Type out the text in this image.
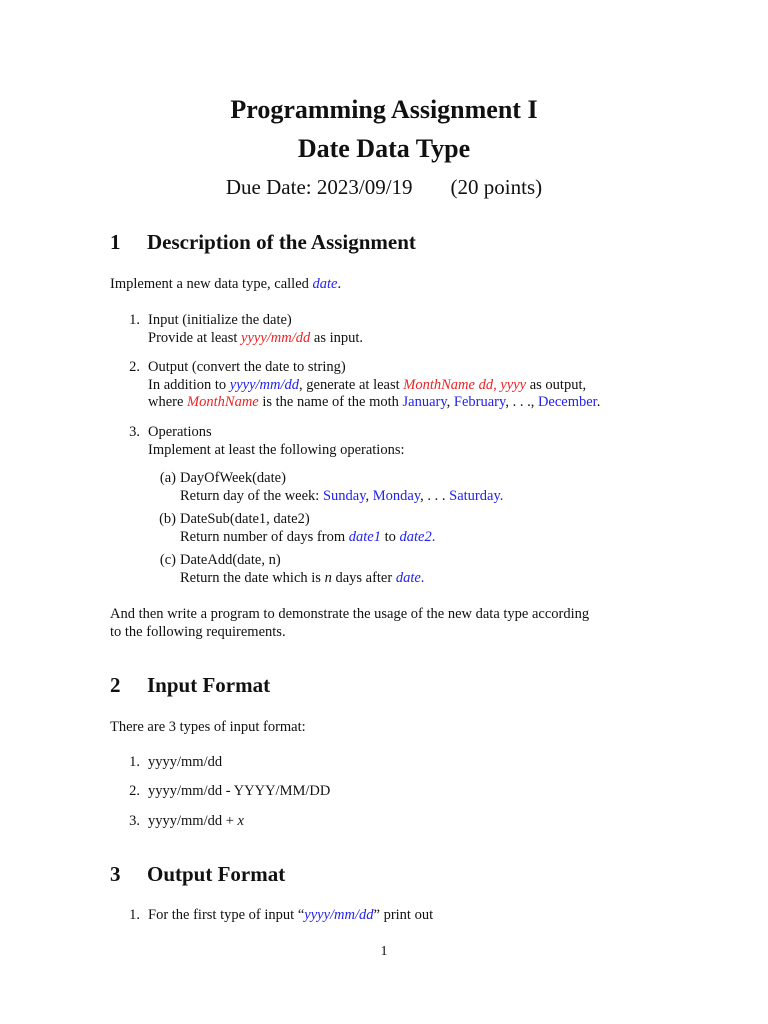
Programming Assignment I
Date Data Type
Due Date: 2023/09/19 (20 points)
1 Description of the Assignment
Implement a new data type, called date.
1. Input (initialize the date)
Provide at least yyyy/mm/dd as input.
2. Output (convert the date to string)
In addition to yyyy/mm/dd, generate at least MonthName dd, yyyy as output,
where MonthName is the name of the moth January, February, . . ., December.
3. Operations
Implement at least the following operations:
(a) DayOfWeek(date)
Return day of the week: Sunday, Monday, . . . Saturday.
(b) DateSub(date1, date2)
Return number of days from date1 to date2.
(c) DateAdd(date, n)
Return the date which is n days after date.
And then write a program to demonstrate the usage of the new data type according
to the following requirements.
2 Input Format
There are 3 types of input format:
1. yyyy/mm/dd
2. yyyy/mm/dd - YYYY/MM/DD
3. yyyy/mm/dd + x
3 Output Format
1. For the first type of input “yyyy/mm/dd” print out
1
